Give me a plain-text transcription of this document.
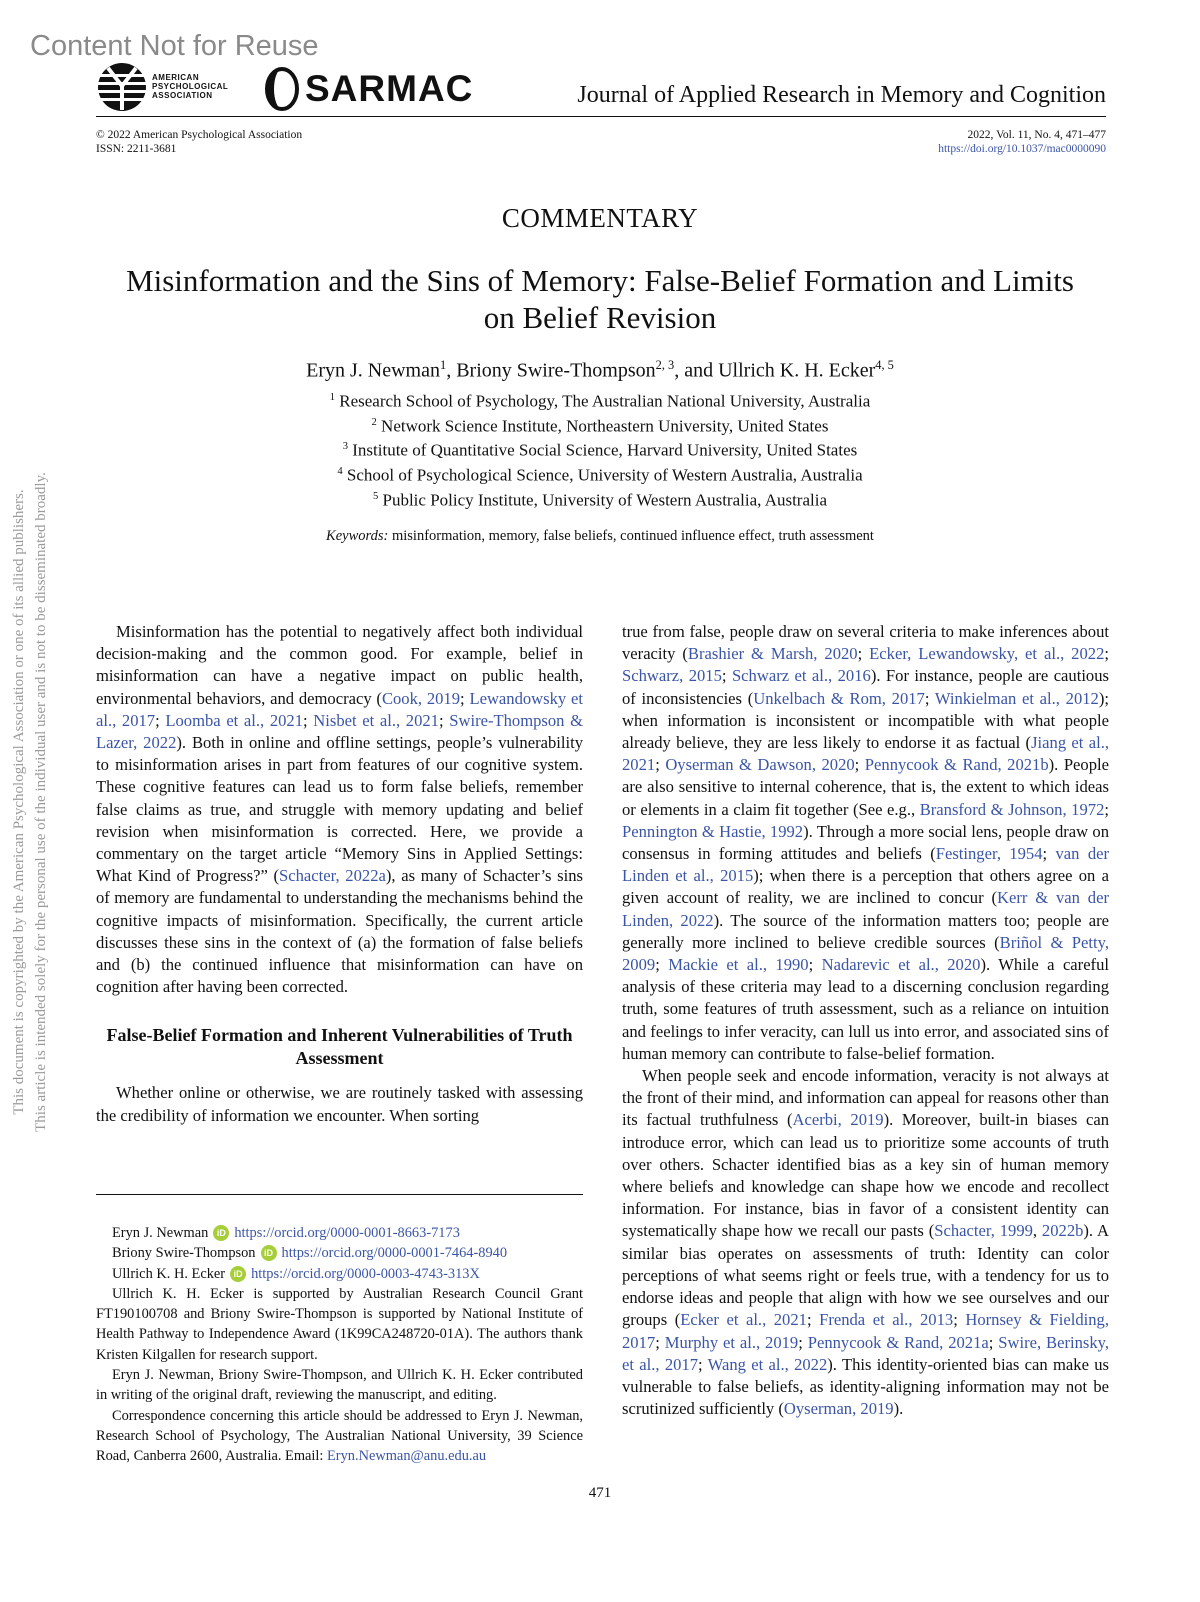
Content Not for Reuse
This document is copyrighted by the American Psychological Association or one of its allied publishers. This article is intended solely for the personal use of the individual user and is not to be disseminated broadly.
AMERICAN
PSYCHOLOGICAL
ASSOCIATION	SARMAC	Journal of Applied Research in Memory and Cognition
© 2022 American Psychological Association
ISSN: 2211-3681
2022, Vol. 11, No. 4, 471–477
https://doi.org/10.1037/mac0000090
COMMENTARY
Misinformation and the Sins of Memory: False-Belief Formation and Limits on Belief Revision
Eryn J. Newman$^1$, Briony Swire-Thompson$^{2, 3}$, and Ullrich K. H. Ecker$^{4, 5}$
$^1$ Research School of Psychology, The Australian National University, Australia
$^2$ Network Science Institute, Northeastern University, United States
$^3$ Institute of Quantitative Social Science, Harvard University, United States
$^4$ School of Psychological Science, University of Western Australia, Australia
$^5$ Public Policy Institute, University of Western Australia, Australia
Keywords: misinformation, memory, false beliefs, continued influence effect, truth assessment

Misinformation has the potential to negatively affect both individual decision-making and the common good. For example, belief in misinformation can have a negative impact on public health, environmental behaviors, and democracy (Cook, 2019; Lewandowsky et al., 2017; Loomba et al., 2021; Nisbet et al., 2021; Swire-Thompson & Lazer, 2022). Both in online and offline settings, people’s vulnerability to misinformation arises in part from features of our cognitive system. These cognitive features can lead us to form false beliefs, remember false claims as true, and struggle with memory updating and belief revision when misinformation is corrected. Here, we provide a commentary on the target article “Memory Sins in Applied Settings: What Kind of Progress?” (Schacter, 2022a), as many of Schacter’s sins of memory are fundamental to understanding the mechanisms behind the cognitive impacts of misinformation. Specifically, the current article discusses these sins in the context of (a) the formation of false beliefs and (b) the continued influence that misinformation can have on cognition after having been corrected.

False-Belief Formation and Inherent Vulnerabilities of Truth Assessment

Whether online or otherwise, we are routinely tasked with assessing the credibility of information we encounter. When sorting

true from false, people draw on several criteria to make inferences about veracity (Brashier & Marsh, 2020; Ecker, Lewandowsky, et al., 2022; Schwarz, 2015; Schwarz et al., 2016). For instance, people are cautious of inconsistencies (Unkelbach & Rom, 2017; Winkielman et al., 2012); when information is inconsistent or incompatible with what people already believe, they are less likely to endorse it as factual (Jiang et al., 2021; Oyserman & Dawson, 2020; Pennycook & Rand, 2021b). People are also sensitive to internal coherence, that is, the extent to which ideas or elements in a claim fit together (See e.g., Bransford & Johnson, 1972; Pennington & Hastie, 1992). Through a more social lens, people draw on consensus in forming attitudes and beliefs (Festinger, 1954; van der Linden et al., 2015); when there is a perception that others agree on a given account of reality, we are inclined to concur (Kerr & van der Linden, 2022). The source of the information matters too; people are generally more inclined to believe credible sources (Briñol & Petty, 2009; Mackie et al., 1990; Nadarevic et al., 2020). While a careful analysis of these criteria may lead to a discerning conclusion regarding truth, some features of truth assessment, such as a reliance on intuition and feelings to infer veracity, can lull us into error, and associated sins of human memory can contribute to false-belief formation.

When people seek and encode information, veracity is not always at the front of their mind, and information can appeal for reasons other than its factual truthfulness (Acerbi, 2019). Moreover, built-in biases can introduce error, which can lead us to prioritize some accounts of truth over others. Schacter identified bias as a key sin of human memory where beliefs and knowledge can shape how we encode and recollect information. For instance, bias in favor of a consistent identity can systematically shape how we recall our pasts (Schacter, 1999, 2022b). A similar bias operates on assessments of truth: Identity can color perceptions of what seems right or feels true, with a tendency for us to endorse ideas and people that align with how we see ourselves and our groups (Ecker et al., 2021; Frenda et al., 2013; Hornsey & Fielding, 2017; Murphy et al., 2019; Pennycook & Rand, 2021a; Swire, Berinsky, et al., 2017; Wang et al., 2022). This identity-oriented bias can make us vulnerable to false beliefs, as identity-aligning information may not be scrutinized sufficiently (Oyserman, 2019).

Eryn J. Newman iD https://orcid.org/0000-0001-8663-7173
Briony Swire-Thompson iD https://orcid.org/0000-0001-7464-8940
Ullrich K. H. Ecker iD https://orcid.org/0000-0003-4743-313X

Ullrich K. H. Ecker is supported by Australian Research Council Grant FT190100708 and Briony Swire-Thompson is supported by National Institute of Health Pathway to Independence Award (1K99CA248720-01A). The authors thank Kristen Kilgallen for research support.

Eryn J. Newman, Briony Swire-Thompson, and Ullrich K. H. Ecker contributed in writing of the original draft, reviewing the manuscript, and editing.

Correspondence concerning this article should be addressed to Eryn J. Newman, Research School of Psychology, The Australian National University, 39 Science Road, Canberra 2600, Australia. Email: Eryn.Newman@anu.edu.au

471
